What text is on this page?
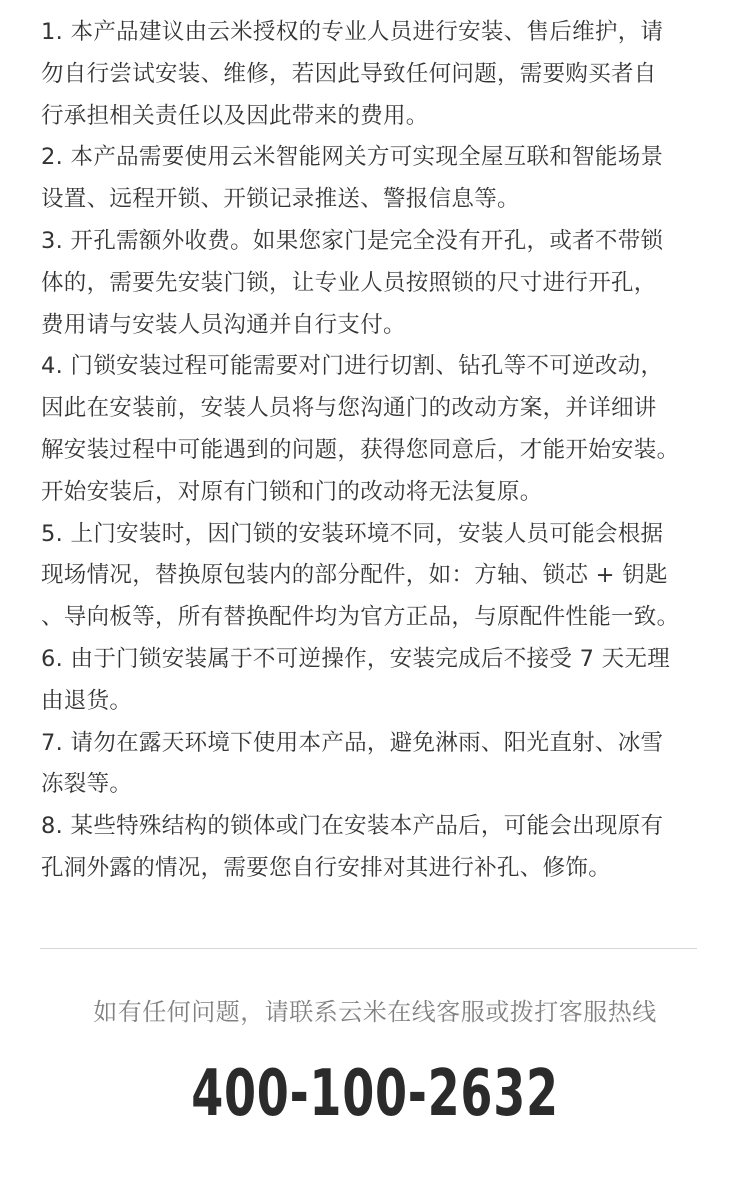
1. 本产品建议由云米授权的专业人员进行安装、售后维护，请
勿自行尝试安装、维修，若因此导致任何问题，需要购买者自
行承担相关责任以及因此带来的费用。
2. 本产品需要使用云米智能网关方可实现全屋互联和智能场景
设置、远程开锁、开锁记录推送、警报信息等。
3. 开孔需额外收费。如果您家门是完全没有开孔，或者不带锁
体的，需要先安装门锁，让专业人员按照锁的尺寸进行开孔，
费用请与安装人员沟通并自行支付。
4. 门锁安装过程可能需要对门进行切割、钻孔等不可逆改动，
因此在安装前，安装人员将与您沟通门的改动方案，并详细讲
解安装过程中可能遇到的问题，获得您同意后，才能开始安装。
开始安装后，对原有门锁和门的改动将无法复原。
5. 上门安装时，因门锁的安装环境不同，安装人员可能会根据
现场情况，替换原包装内的部分配件，如：方轴、锁芯 + 钥匙
、导向板等，所有替换配件均为官方正品，与原配件性能一致。
6. 由于门锁安装属于不可逆操作，安装完成后不接受 7 天无理
由退货。
7. 请勿在露天环境下使用本产品，避免淋雨、阳光直射、冰雪
冻裂等。
8. 某些特殊结构的锁体或门在安装本产品后，可能会出现原有
孔洞外露的情况，需要您自行安排对其进行补孔、修饰。
如有任何问题，请联系云米在线客服或拨打客服热线
400-100-2632
